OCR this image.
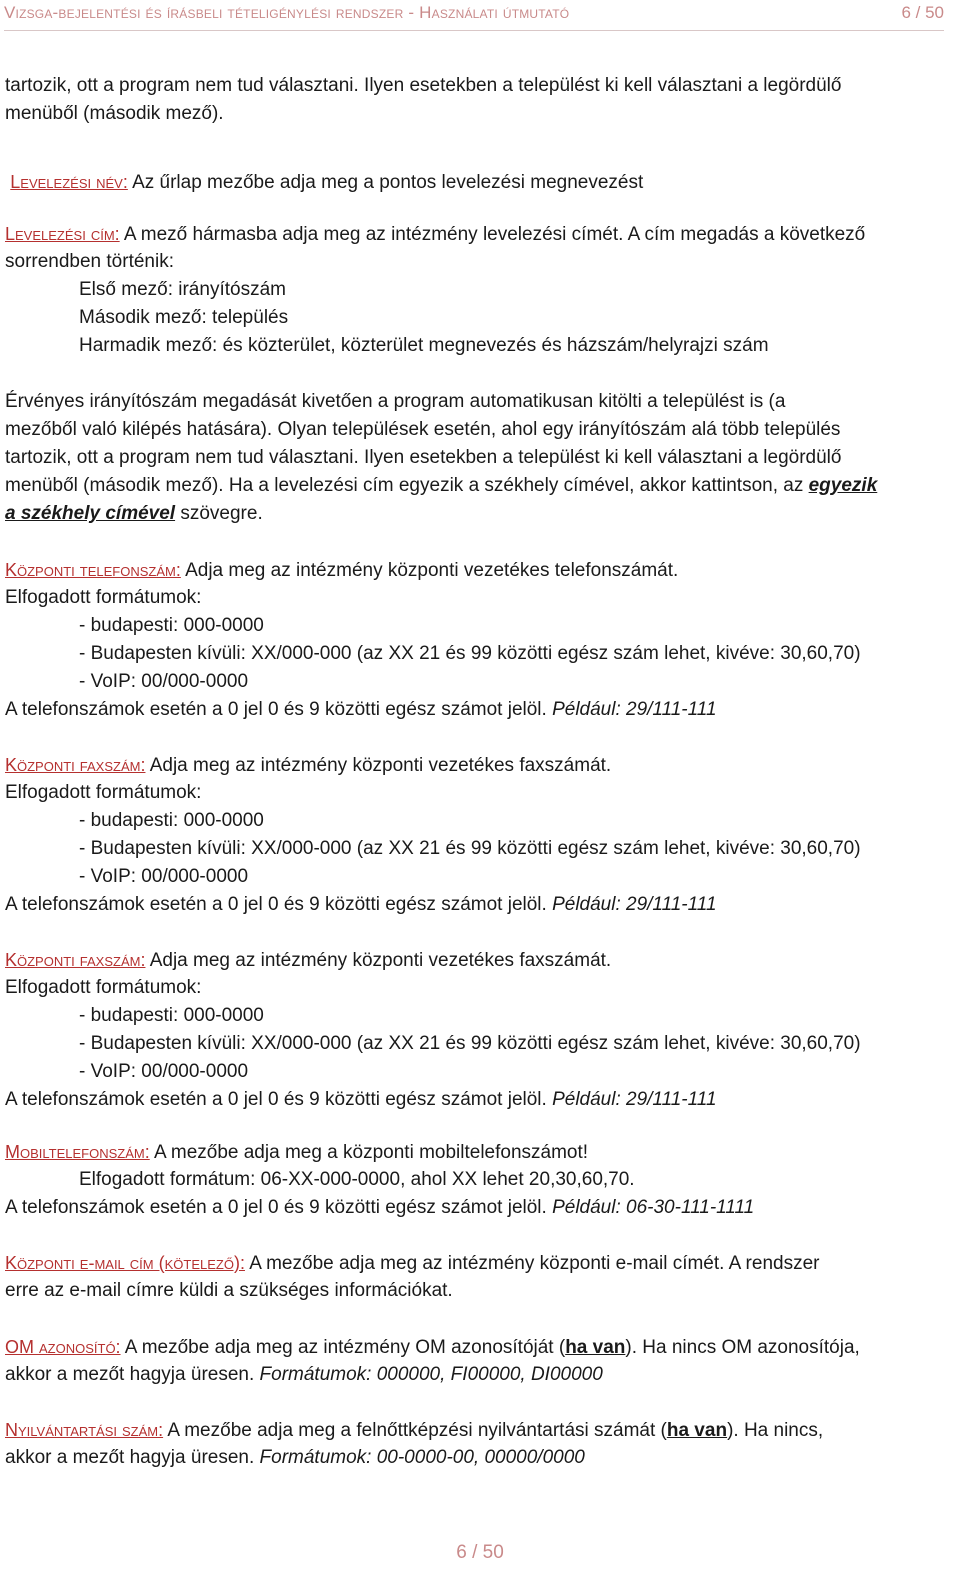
Vizsga-bejelentési és írásbeli tételigénylési rendszer - Használati útmutató	6 / 50
tartozik, ott a program nem tud választani. Ilyen esetekben a települést ki kell választani a legördülő
menüből (második mező).
Levelezési név: Az űrlap mezőbe adja meg a pontos levelezési megnevezést
Levelezési cím: A mező hármasba adja meg az intézmény levelezési címét. A cím megadás a következő
sorrendben történik:
Első mező: irányítószám
Második mező: település
Harmadik mező: és közterület, közterület megnevezés és házszám/helyrajzi szám
Érvényes irányítószám megadását kivetően a program automatikusan kitölti a települést is (a
mezőből való kilépés hatására). Olyan települések esetén, ahol egy irányítószám alá több település
tartozik, ott a program nem tud választani. Ilyen esetekben a települést ki kell választani a legördülő
menüből (második mező). Ha a levelezési cím egyezik a székhely címével, akkor kattintson, az egyezik
a székhely címével szövegre.
Központi telefonszám: Adja meg az intézmény központi vezetékes telefonszámát.
Elfogadott formátumok:
- budapesti: 000-0000
- Budapesten kívüli: XX/000-000 (az XX 21 és 99 közötti egész szám lehet, kivéve: 30,60,70)
- VoIP: 00/000-0000
A telefonszámok esetén a 0 jel 0 és 9 közötti egész számot jelöl. Például: 29/111-111
Központi faxszám: Adja meg az intézmény központi vezetékes faxszámát.
Elfogadott formátumok:
- budapesti: 000-0000
- Budapesten kívüli: XX/000-000 (az XX 21 és 99 közötti egész szám lehet, kivéve: 30,60,70)
- VoIP: 00/000-0000
A telefonszámok esetén a 0 jel 0 és 9 közötti egész számot jelöl. Például: 29/111-111
Központi faxszám: Adja meg az intézmény központi vezetékes faxszámát.
Elfogadott formátumok:
- budapesti: 000-0000
- Budapesten kívüli: XX/000-000 (az XX 21 és 99 közötti egész szám lehet, kivéve: 30,60,70)
- VoIP: 00/000-0000
A telefonszámok esetén a 0 jel 0 és 9 közötti egész számot jelöl. Például: 29/111-111
Mobiltelefonszám: A mezőbe adja meg a központi mobiltelefonszámot!
Elfogadott formátum: 06-XX-000-0000, ahol XX lehet 20,30,60,70.
A telefonszámok esetén a 0 jel 0 és 9 közötti egész számot jelöl. Például: 06-30-111-1111
Központi e-mail cím (kötelező): A mezőbe adja meg az intézmény központi e-mail címét. A rendszer
erre az e-mail címre küldi a szükséges információkat.
OM azonosító: A mezőbe adja meg az intézmény OM azonosítóját (ha van). Ha nincs OM azonosítója,
akkor a mezőt hagyja üresen. Formátumok: 000000, FI00000, DI00000
Nyilvántartási szám: A mezőbe adja meg a felnőttképzési nyilvántartási számát (ha van). Ha nincs,
akkor a mezőt hagyja üresen. Formátumok: 00-0000-00, 00000/0000
6 / 50
